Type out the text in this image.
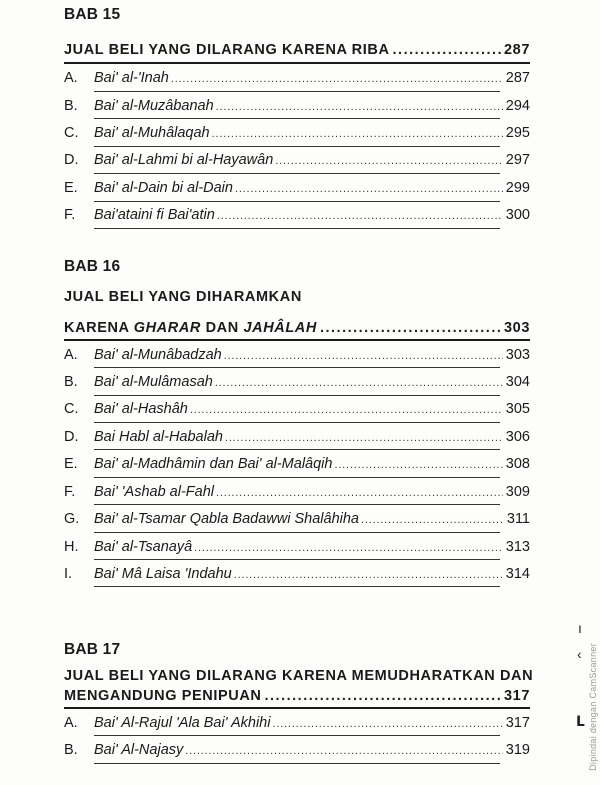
BAB 15
JUAL BELI YANG DILARANG KARENA RIBA .....	287
A.	Bai' al-'Inah .....	287
B.	Bai' al-Muzâbanah .....	294
C.	Bai' al-Muhâlaqah .....	295
D.	Bai' al-Lahmi bi al-Hayawân .....	297
E.	Bai' al-Dain bi al-Dain .....	299
F.	Bai'ataini fi Bai'atin .....	300
BAB 16
JUAL BELI YANG DIHARAMKAN
KARENA GHARAR DAN JAHÂLAH .....	303
A.	Bai' al-Munâbadzah .....	303
B.	Bai' al-Mulâmasah .....	304
C.	Bai' al-Hashâh .....	305
D.	Bai Habl al-Habalah .....	306
E.	Bai' al-Madhâmin dan Bai' al-Malâqih .....	308
F.	Bai' 'Ashab al-Fahl .....	309
G.	Bai' al-Tsamar Qabla Badawwi Shalâhiha .....	311
H.	Bai' al-Tsanayâ .....	313
I.	Bai' Mâ Laisa 'Indahu .....	314
BAB 17
JUAL BELI YANG DILARANG KARENA MEMUDHARATKAN DAN
MENGANDUNG PENIPUAN .....	317
A.	Bai' Al-Rajul 'Ala Bai' Akhihi .....	317
B.	Bai' Al-Najasy .....	319
ı
‹
ᒪ Dipindai dengan CamScanner
